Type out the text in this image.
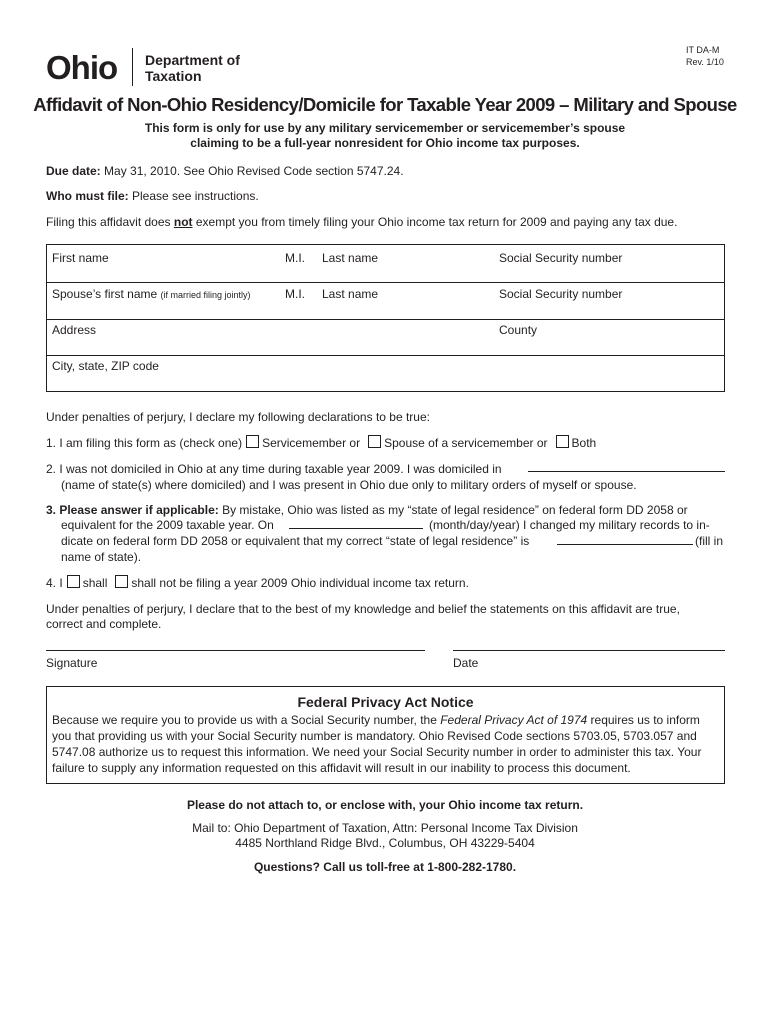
IT DA-M
Rev. 1/10
Ohio Department of
Taxation
Affidavit of Non-Ohio Residency/Domicile for Taxable Year 2009 – Military and Spouse
This form is only for use by any military servicemember or servicemember’s spouse
claiming to be a full-year nonresident for Ohio income tax purposes.
Due date: May 31, 2010. See Ohio Revised Code section 5747.24.
Who must file: Please see instructions.
Filing this affidavit does not exempt you from timely filing your Ohio income tax return for 2009 and paying any tax due.
First name	M.I. Last name	Social Security number
Spouse’s first name (if married filing jointly)	M.I. Last name	Social Security number
Address	County
City, state, ZIP code
Under penalties of perjury, I declare my following declarations to be true:
1. I am filing this form as (check one) Servicemember or Spouse of a servicemember or Both
2. I was not domiciled in Ohio at any time during taxable year 2009. I was domiciled in
(name of state(s) where domiciled) and I was present in Ohio due only to military orders of myself or spouse.
3. Please answer if applicable: By mistake, Ohio was listed as my “state of legal residence” on federal form DD 2058 or
equivalent for the 2009 taxable year. On	(month/day/year) I changed my military records to in-
dicate on federal form DD 2058 or equivalent that my correct “state of legal residence” is	(fill in
name of state).
4. I shall shall not be filing a year 2009 Ohio individual income tax return.
Under penalties of perjury, I declare that to the best of my knowledge and belief the statements on this affidavit are true,
correct and complete.
Signature	Date
Federal Privacy Act Notice
Because we require you to provide us with a Social Security number, the Federal Privacy Act of 1974 requires us to inform
you that providing us with your Social Security number is mandatory. Ohio Revised Code sections 5703.05, 5703.057 and
5747.08 authorize us to request this information. We need your Social Security number in order to administer this tax. Your
failure to supply any information requested on this affidavit will result in our inability to process this document.
Please do not attach to, or enclose with, your Ohio income tax return.
Mail to: Ohio Department of Taxation, Attn: Personal Income Tax Division
4485 Northland Ridge Blvd., Columbus, OH 43229-5404
Questions? Call us toll-free at 1-800-282-1780.
